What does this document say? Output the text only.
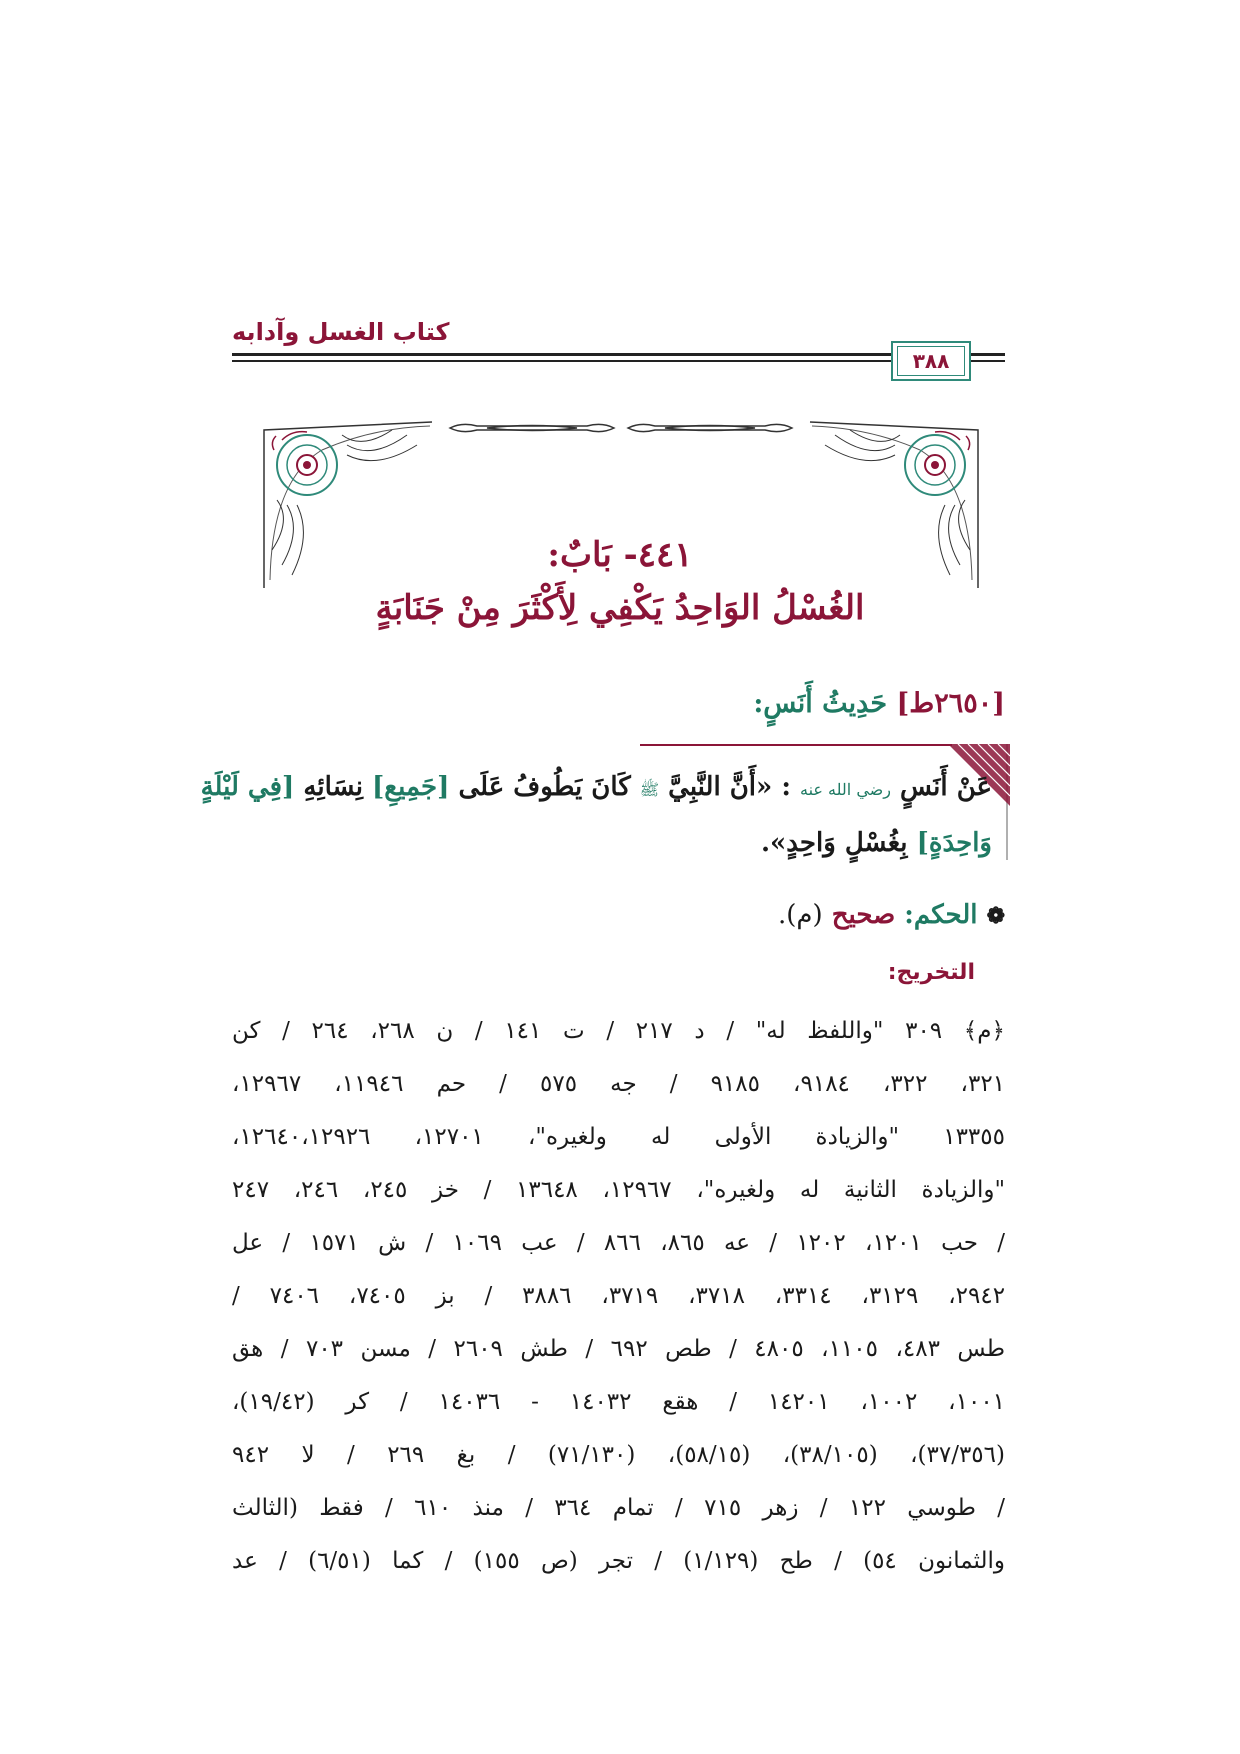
كتاب الغسل وآدابه
٣٨٨
٤٤١- بَابٌ:
الغُسْلُ الوَاحِدُ يَكْفِي لِأَكْثَرَ مِنْ جَنَابَةٍ
[٢٦٥٠ط] حَدِيثُ أَنَسٍ:
عَنْ أَنَسٍ رضي الله عنه : «أَنَّ النَّبِيَّ ﷺ كَانَ يَطُوفُ عَلَى [جَمِيعِ] نِسَائِهِ [فِي لَيْلَةٍ
وَاحِدَةٍ] بِغُسْلٍ وَاحِدٍ».
❁ الحكم: صحيح (م).
التخريج:
﴿م﴾ ٣٠٩ "واللفظ له" / د ٢١٧ / ت ١٤١ / ن ٢٦٨، ٢٦٤ / كن
٣٢١، ٣٢٢، ٩١٨٤، ٩١٨٥ / جه ٥٧٥ / حم ١١٩٤٦، ١٢٩٦٧،
١٣٣٥٥ "والزيادة الأولى له ولغيره"، ١٢٧٠١، ١٢٦٤٠،١٢٩٢٦،
"والزيادة الثانية له ولغيره"، ١٢٩٦٧، ١٣٦٤٨ / خز ٢٤٥، ٢٤٦، ٢٤٧
/ حب ١٢٠١، ١٢٠٢ / عه ٨٦٥، ٨٦٦ / عب ١٠٦٩ / ش ١٥٧١ / عل
٢٩٤٢، ٣١٢٩، ٣٣١٤، ٣٧١٨، ٣٧١٩، ٣٨٨٦ / بز ٧٤٠٥، ٧٤٠٦ /
طس ٤٨٣، ١١٠٥، ٤٨٠٥ / طص ٦٩٢ / طش ٢٦٠٩ / مسن ٧٠٣ / هق
١٠٠١، ١٠٠٢، ١٤٢٠١ / هقع ١٤٠٣٢ - ١٤٠٣٦ / كر (١٩/٤٢)،
(٣٧/٣٥٦)، (٣٨/١٠٥)، (٥٨/١٥)، (٧١/١٣٠) / بغ ٢٦٩ / لا ٩٤٢
/ طوسي ١٢٢ / زهر ٧١٥ / تمام ٣٦٤ / منذ ٦١٠ / فقط (الثالث
والثمانون ٥٤) / طح (١/١٢٩) / تجر (ص ١٥٥) / كما (٦/٥١) / عد
